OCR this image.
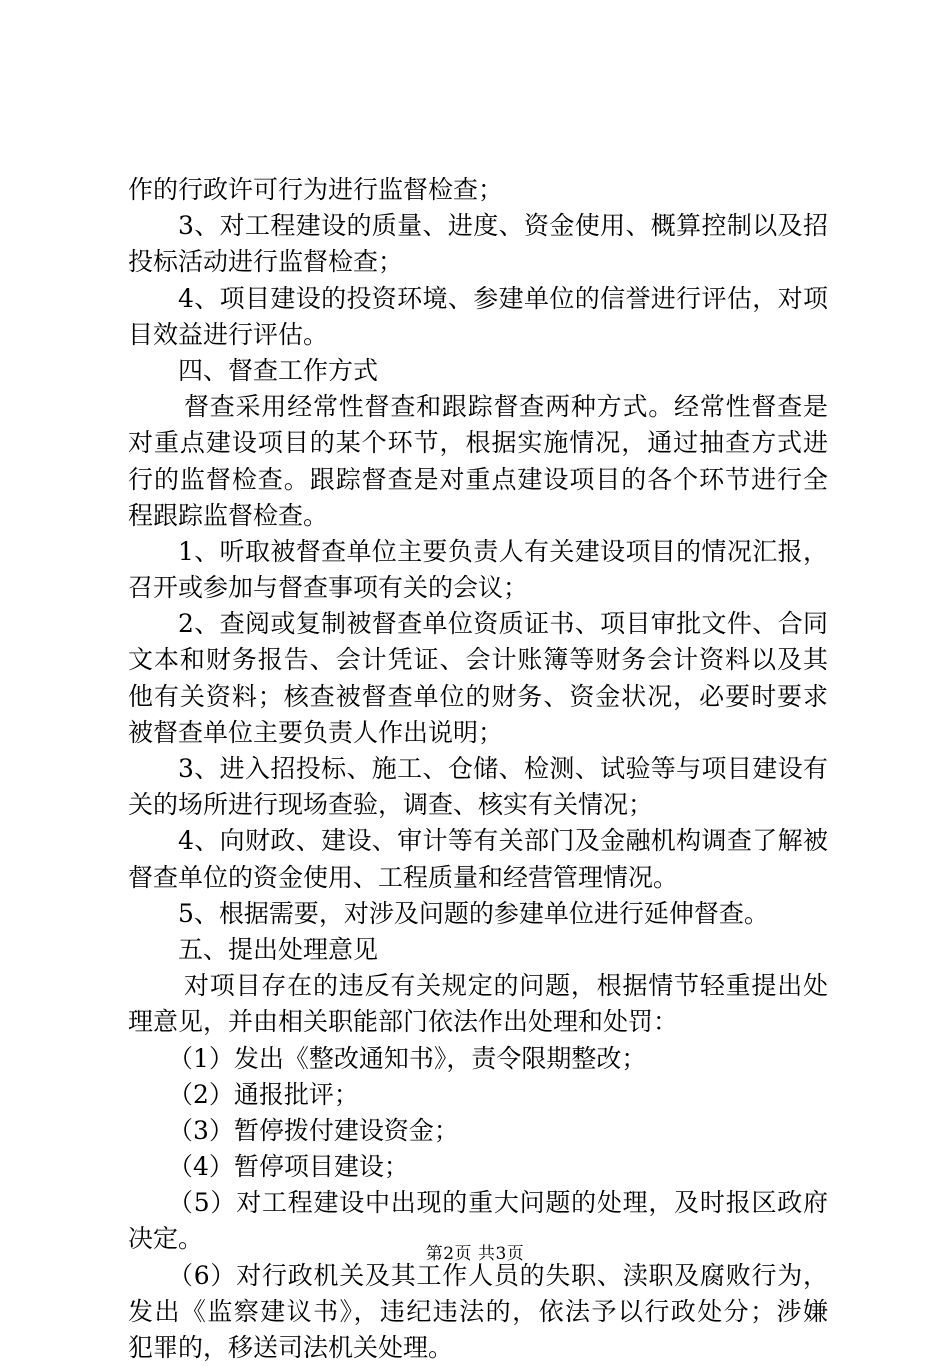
作的行政许可行为进行监督检查；
3、对工程建设的质量、进度、资金使用、概算控制以及招
投标活动进行监督检查；
4、项目建设的投资环境、参建单位的信誉进行评估，对项
目效益进行评估。
四、督查工作方式
督查采用经常性督查和跟踪督查两种方式。经常性督查是
对重点建设项目的某个环节，根据实施情况，通过抽查方式进
行的监督检查。跟踪督查是对重点建设项目的各个环节进行全
程跟踪监督检查。
1、听取被督查单位主要负责人有关建设项目的情况汇报，
召开或参加与督查事项有关的会议；
2、查阅或复制被督查单位资质证书、项目审批文件、合同
文本和财务报告、会计凭证、会计账簿等财务会计资料以及其
他有关资料；核查被督查单位的财务、资金状况，必要时要求
被督查单位主要负责人作出说明；
3、进入招投标、施工、仓储、检测、试验等与项目建设有
关的场所进行现场查验，调查、核实有关情况；
4、向财政、建设、审计等有关部门及金融机构调查了解被
督查单位的资金使用、工程质量和经营管理情况。
5、根据需要，对涉及问题的参建单位进行延伸督查。
五、提出处理意见
对项目存在的违反有关规定的问题，根据情节轻重提出处
理意见，并由相关职能部门依法作出处理和处罚：
（1）发出《整改通知书》，责令限期整改；
（2）通报批评；
（3）暂停拨付建设资金；
（4）暂停项目建设；
（5）对工程建设中出现的重大问题的处理，及时报区政府
决定。
（6）对行政机关及其工作人员的失职、渎职及腐败行为，
发出《监察建议书》，违纪违法的，依法予以行政处分；涉嫌
犯罪的，移送司法机关处理。
第2页 共3页
